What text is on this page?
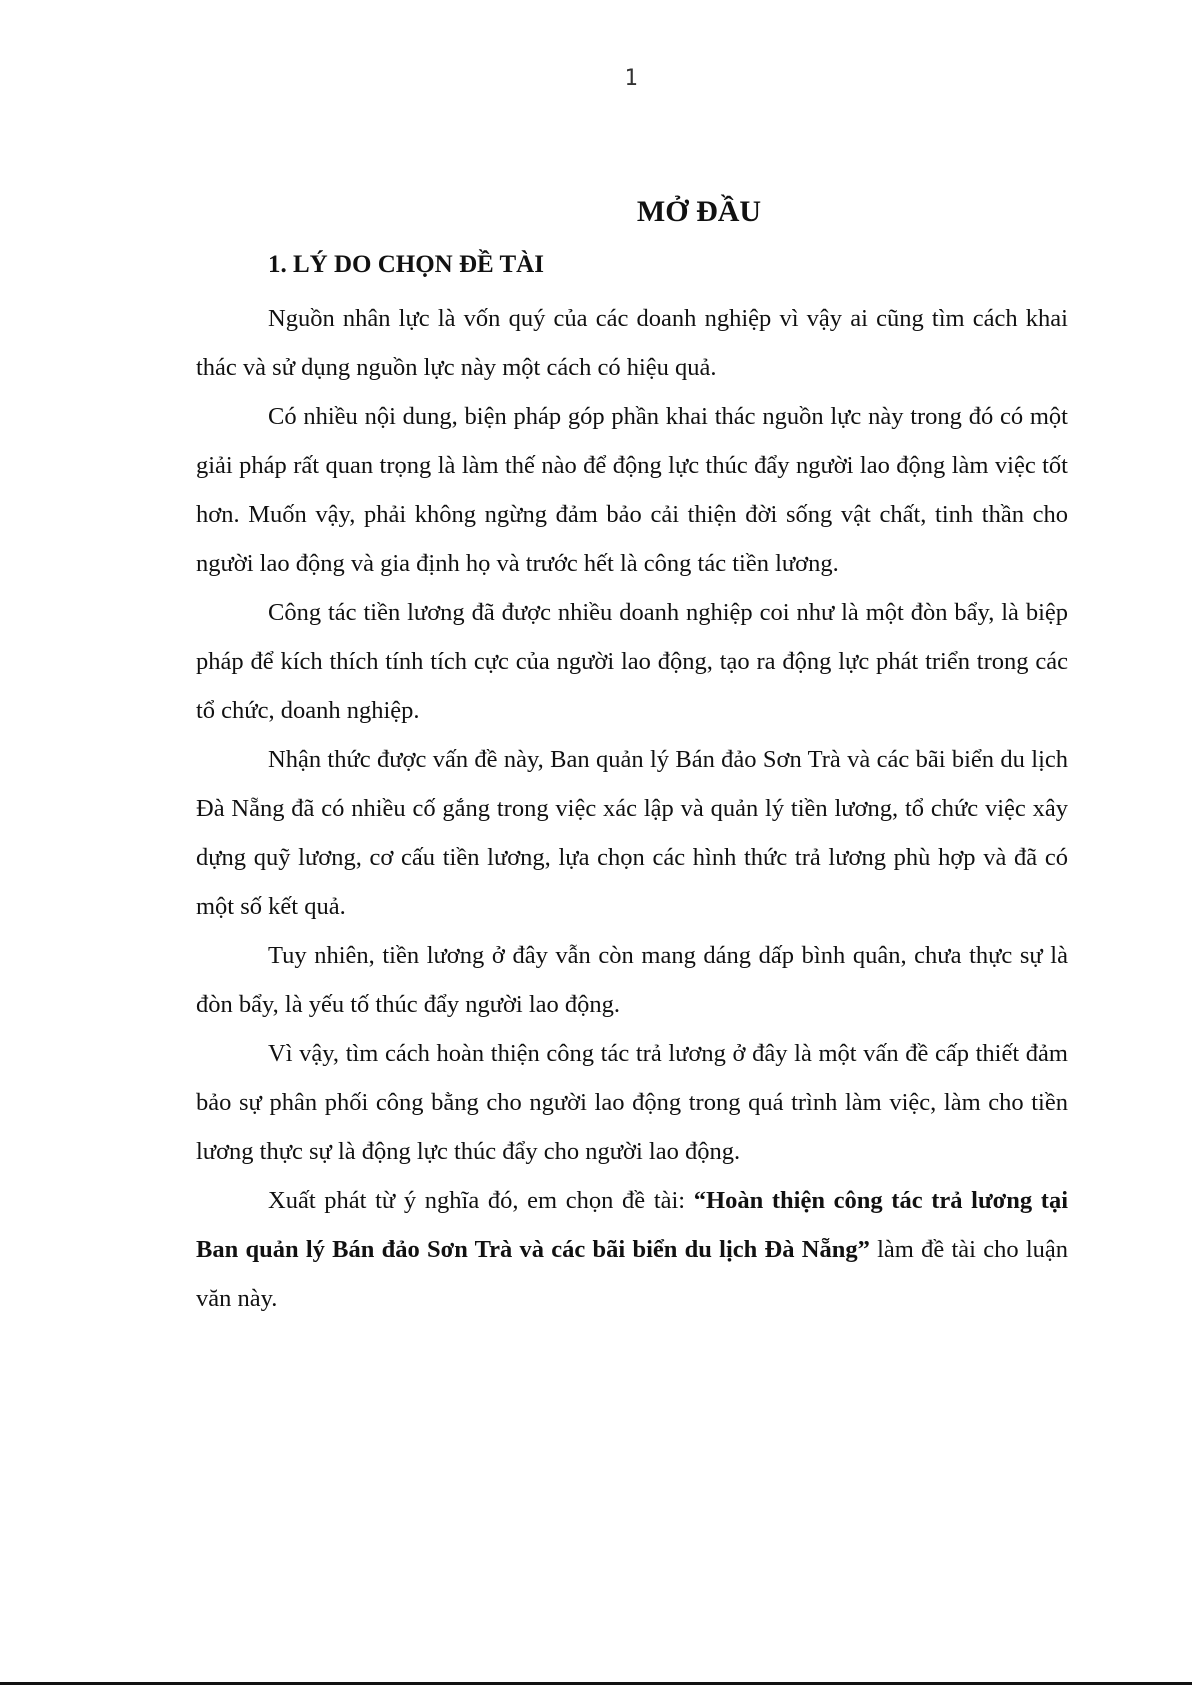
1
MỞ ĐẦU
1. LÝ DO CHỌN ĐỀ TÀI

Nguồn nhân lực là vốn quý của các doanh nghiệp vì vậy ai cũng tìm cách khai thác và sử dụng nguồn lực này một cách có hiệu quả.

Có nhiều nội dung, biện pháp góp phần khai thác nguồn lực này trong đó có một giải pháp rất quan trọng là làm thế nào để động lực thúc đẩy người lao động làm việc tốt hơn. Muốn vậy, phải không ngừng đảm bảo cải thiện đời sống vật chất, tinh thần cho người lao động và gia định họ và trước hết là công tác tiền lương.

Công tác tiền lương đã được nhiều doanh nghiệp coi như là một đòn bẩy, là biệp pháp để kích thích tính tích cực của người lao động, tạo ra động lực phát triển trong các tổ chức, doanh nghiệp.

Nhận thức được vấn đề này, Ban quản lý Bán đảo Sơn Trà và các bãi biển du lịch Đà Nẵng đã có nhiều cố gắng trong việc xác lập và quản lý tiền lương, tổ chức việc xây dựng quỹ lương, cơ cấu tiền lương, lựa chọn các hình thức trả lương phù hợp và đã có một số kết quả.

Tuy nhiên, tiền lương ở đây vẫn còn mang dáng dấp bình quân, chưa thực sự là đòn bẩy, là yếu tố thúc đẩy người lao động.

Vì vậy, tìm cách hoàn thiện công tác trả lương ở đây là một vấn đề cấp thiết đảm bảo sự phân phối công bằng cho người lao động trong quá trình làm việc, làm cho tiền lương thực sự là động lực thúc đẩy cho người lao động.

Xuất phát từ ý nghĩa đó, em chọn đề tài: “Hoàn thiện công tác trả lương tại Ban quản lý Bán đảo Sơn Trà và các bãi biển du lịch Đà Nẵng” làm đề tài cho luận văn này.
